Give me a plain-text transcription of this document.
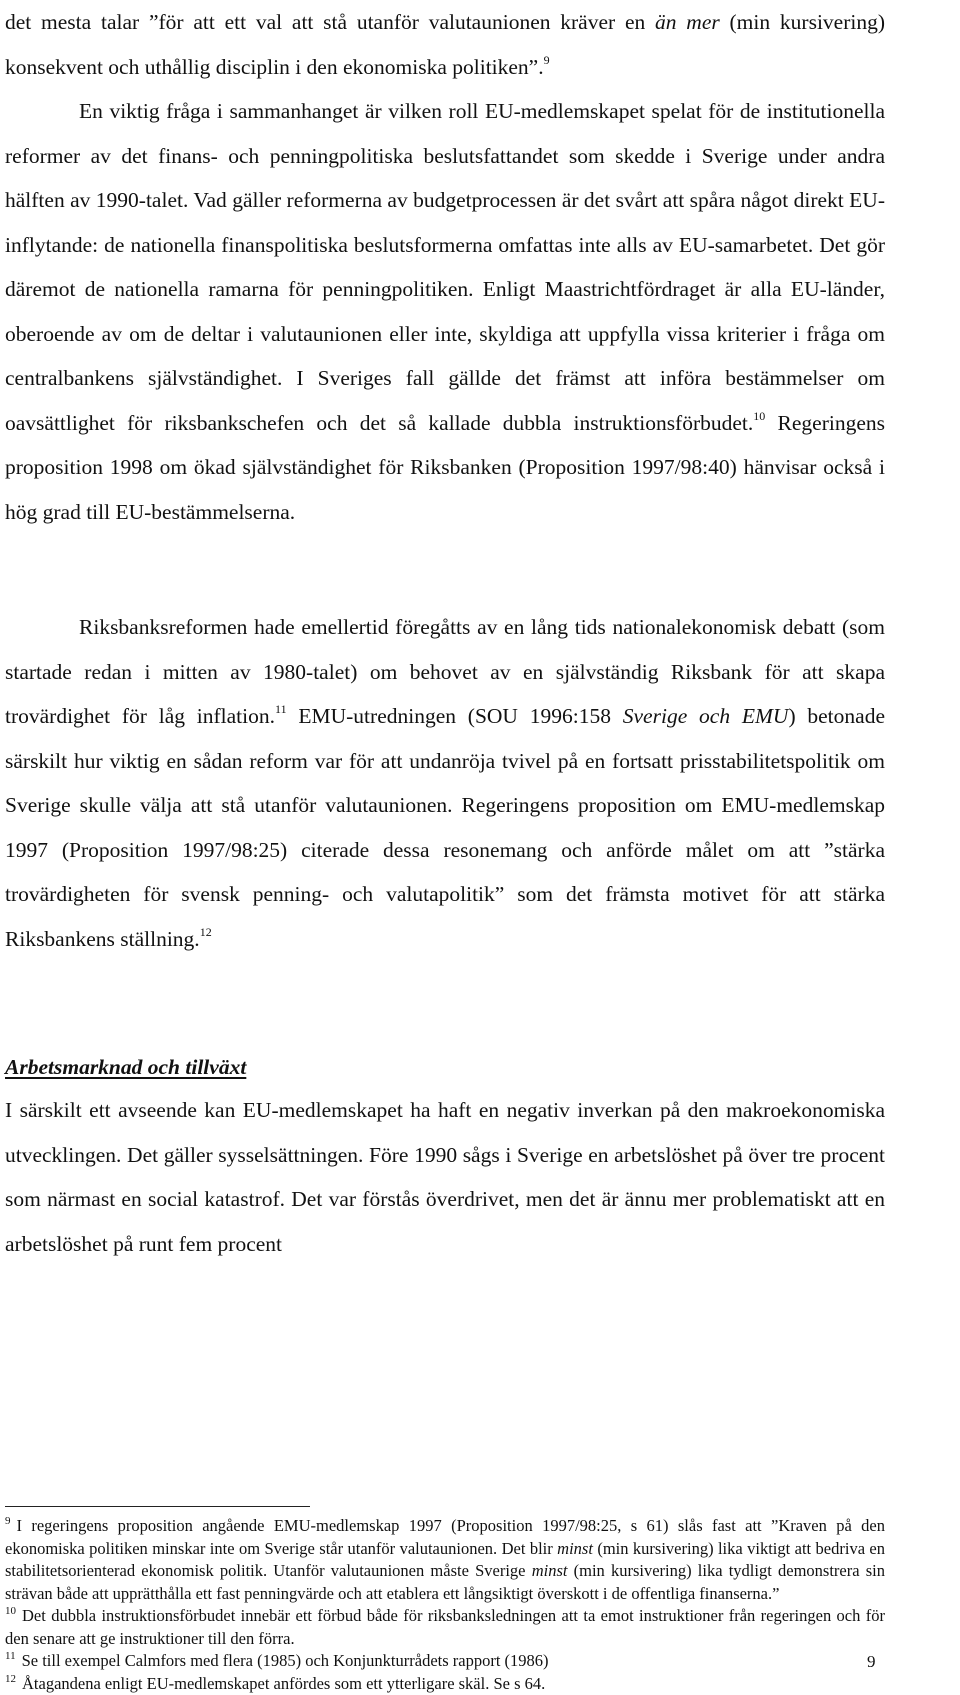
det mesta talar ”för att ett val att stå utanför valutaunionen kräver en än mer (min kursivering) konsekvent och uthållig disciplin i den ekonomiska politiken”.$^9$

En viktig fråga i sammanhanget är vilken roll EU-medlemskapet spelat för de institutionella reformer av det finans- och penningpolitiska beslutsfattandet som skedde i Sverige under andra hälften av 1990-talet. Vad gäller reformerna av budgetprocessen är det svårt att spåra något direkt EU-inflytande: de nationella finanspolitiska beslutsformerna omfattas inte alls av EU-samarbetet. Det gör däremot de nationella ramarna för penningpolitiken. Enligt Maastrichtfördraget är alla EU-länder, oberoende av om de deltar i valutaunionen eller inte, skyldiga att uppfylla vissa kriterier i fråga om centralbankens självständighet. I Sveriges fall gällde det främst att införa bestämmelser om oavsättlighet för riksbankschefen och det så kallade dubbla instruktionsförbudet.$^{10}$ Regeringens proposition 1998 om ökad självständighet för Riksbanken (Proposition 1997/98:40) hänvisar också i hög grad till EU-bestämmelserna.

Riksbanksreformen hade emellertid föregåtts av en lång tids nationalekonomisk debatt (som startade redan i mitten av 1980-talet) om behovet av en självständig Riksbank för att skapa trovärdighet för låg inflation.$^{11}$ EMU-utredningen (SOU 1996:158 Sverige och EMU) betonade särskilt hur viktig en sådan reform var för att undanröja tvivel på en fortsatt prisstabilitetspolitik om Sverige skulle välja att stå utanför valutaunionen. Regeringens proposition om EMU-medlemskap 1997 (Proposition 1997/98:25) citerade dessa resonemang och anförde målet om att ”stärka trovärdigheten för svensk penning- och valutapolitik” som det främsta motivet för att stärka Riksbankens ställning.$^{12}$

Arbetsmarknad och tillväxt

I särskilt ett avseende kan EU-medlemskapet ha haft en negativ inverkan på den makroekonomiska utvecklingen. Det gäller sysselsättningen. Före 1990 sågs i Sverige en arbetslöshet på över tre procent som närmast en social katastrof. Det var förstås överdrivet, men det är ännu mer problematiskt att en arbetslöshet på runt fem procent

$^9$ I regeringens proposition angående EMU-medlemskap 1997 (Proposition 1997/98:25, s 61) slås fast att ”Kraven på den ekonomiska politiken minskar inte om Sverige står utanför valutaunionen. Det blir minst (min kursivering) lika viktigt att bedriva en stabilitetsorienterad ekonomisk politik. Utanför valutaunionen måste Sverige minst (min kursivering) lika tydligt demonstrera sin strävan både att upprätthålla ett fast penningvärde och att etablera ett långsiktigt överskott i de offentliga finanserna.”

$^{10}$ Det dubbla instruktionsförbudet innebär ett förbud både för riksbanksledningen att ta emot instruktioner från regeringen och för den senare att ge instruktioner till den förra.

$^{11}$ Se till exempel Calmfors med flera (1985) och Konjunkturrådets rapport (1986)

$^{12}$ Åtagandena enligt EU-medlemskapet anfördes som ett ytterligare skäl. Se s 64.

9
